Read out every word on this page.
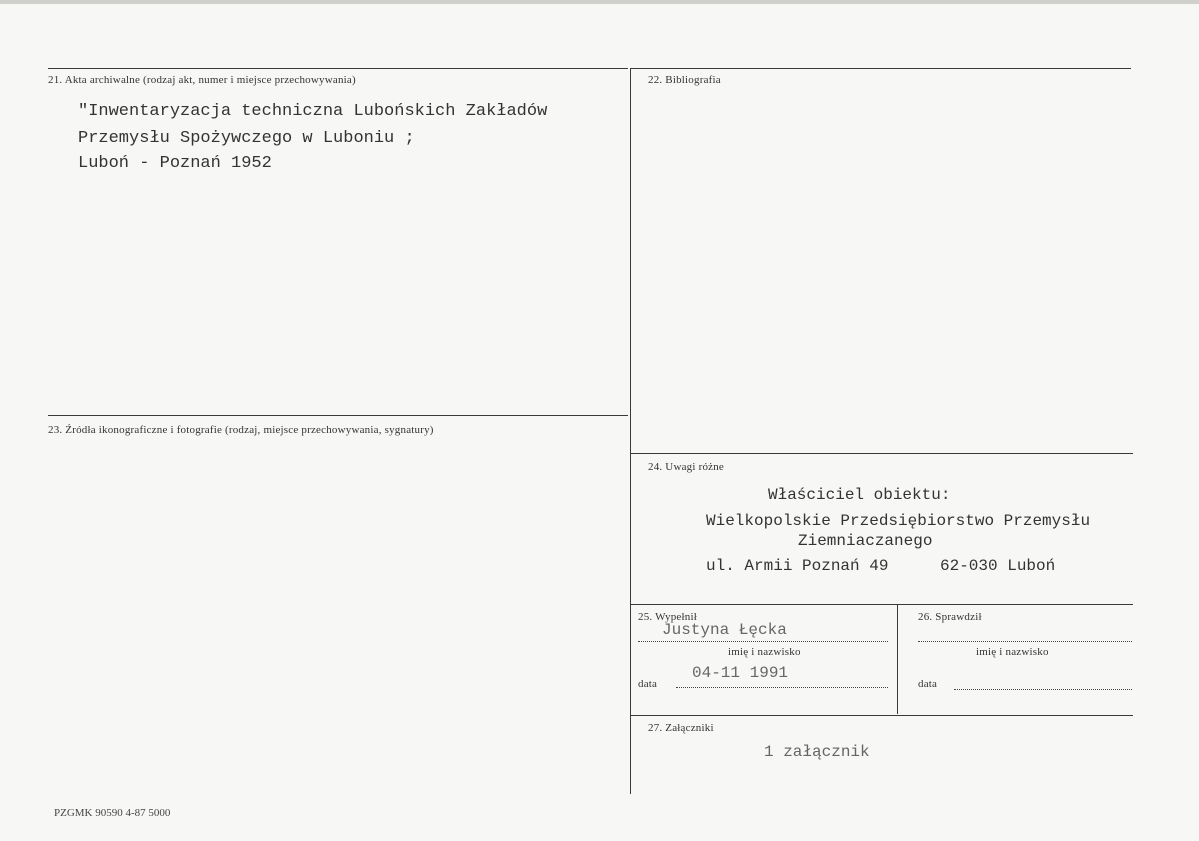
21. Akta archiwalne (rodzaj akt, numer i miejsce przechowywania)
"Inwentaryzacja techniczna Lubońskich Zakładów
Przemysłu Spożywczego w Luboniu ;
Luboń - Poznań 1952
22. Bibliografia
23. Źródła ikonograficzne i fotografie (rodzaj, miejsce przechowywania, sygnatury)
24. Uwagi różne
Właściciel obiektu:
Wielkopolskie Przedsiębiorstwo Przemysłu
Ziemniaczanego
ul. Armii Poznań 49	62-030 Luboń
25. Wypełnił
Justyna Łęcka
imię i nazwisko
data
04-11 1991
26. Sprawdził
imię i nazwisko
data
27. Załączniki
1 załącznik
PZGMK 90590 4-87 5000
